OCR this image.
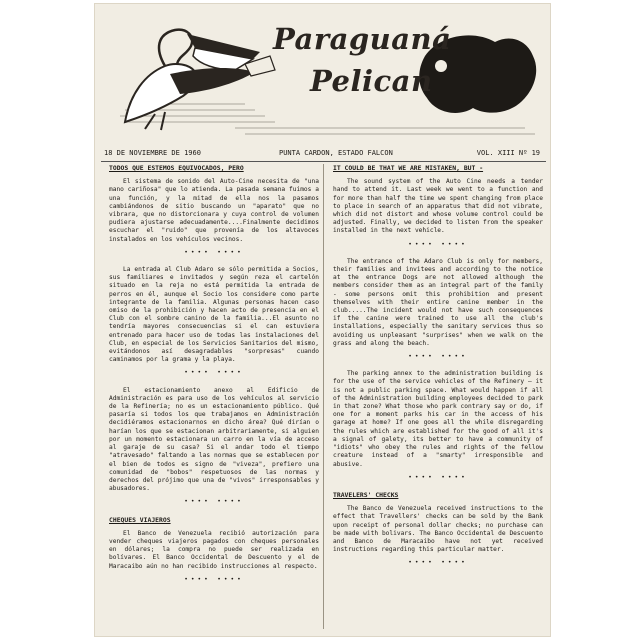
Paraguaná
Pelican
18 DE NOVIEMBRE DE 1960	PUNTA CARDON, ESTADO FALCON	VOL. XIII Nº 19
TODOS QUE ESTEMOS EQUIVOCADOS, PERO

El sistema de sonido del Auto-Cine necesita de "una mano cariñosa" que lo atienda. La pasada semana fuimos a una función, y la mitad de ella nos la pasamos cambiándonos de sitio buscando un "aparato" que no vibrara, que no distorcionara y cuya control de volumen pudiera ajustarse adecuadamente....Finalmente decidimos escuchar el "ruido" que provenía de los altavoces instalados en los vehículos vecinos.

•••• ••••

La entrada al Club Adaro se sólo permitida a Socios, sus familiares e invitados y según reza el cartelón situado en la reja no está permitida la entrada de perros en él, aunque el Socio los considere como parte integrante de la familia. Algunas personas hacen caso omiso de la prohibición y hacen acto de presencia en el Club con el sombre canino de la familia...El asunto no tendría mayores consecuencias si el can estuviera entrenado para hacer uso de todas las instalaciones del Club, en especial de los Servicios Sanitarios del mismo, evitándonos así desagradables "sorpresas" cuando caminamos por la grama y la playa.

•••• ••••

El estacionamiento anexo al Edificio de Administración es para uso de los vehículos al servicio de la Refinería; no es un estacionamiento público. Qué pasaría si todos los que trabajamos en Administración decidiéramos estacionarnos en dicho área? Qué dirían o harían los que se estacionan arbitrariamente, si alguien por un momento estacionara un carro en la vía de acceso al garaje de su casa? Si el andar todo el tiempo "atravesado" faltando a las normas que se establecen por el bien de todos es signo de "viveza", prefiero una comunidad de "bobos" respetuosos de las normas y derechos del prójimo que una de "vivos" irresponsables y abusadores.

•••• ••••
CHEQUES VIAJEROS

El Banco de Venezuela recibió autorización para vender cheques viajeros pagados con cheques personales en dólares; la compra no puede ser realizada en bolívares. El Banco Occidental de Descuento y el de Maracaibo aún no han recibido instrucciones al respecto.

•••• ••••
IT COULD BE THAT WE ARE MISTAKEN, BUT -

The sound system of the Auto Cine needs a tender hand to attend it. Last week we went to a function and for more than half the time we spent changing from place to place in search of an apparatus that did not vibrate, which did not distort and whose volume control could be adjusted. Finally, we decided to listen from the speaker installed in the next vehicle.

•••• ••••

The entrance of the Adaro Club is only for members, their families and invitees and according to the notice at the entrance Dogs are not allowed although the members consider them as an integral part of the family - some persons omit this prohibition and present themselves with their entire canine member in the club.....The incident would not have such consequences if the canine were trained to use all the club's installations, especially the sanitary services thus so avoiding us unpleasant "surprises" when we walk on the grass and along the beach.

•••• ••••

The parking annex to the administration building is for the use of the service vehicles of the Refinery — it is not a public parking space. What would happen if all of the Administration building employees decided to park in that zone? What those who park contrary say or do, if one for a moment parks his car in the access of his garage at home? If one goes all the while disregarding the rules which are established for the good of all it's a signal of galety, its better to have a community of "idiots" who obey the rules and rights of the fellow creature instead of a "smarty" irresponsible and abusive.

•••• ••••
TRAVELERS' CHECKS

The Banco de Venezuela received instructions to the effect that Travellers' checks can be sold by the Bank upon receipt of personal dollar checks; no purchase can be made with bolivars. The Banco Occidental de Descuento and Banco de Maracaibo have not yet received instructions regarding this particular matter.

•••• ••••
